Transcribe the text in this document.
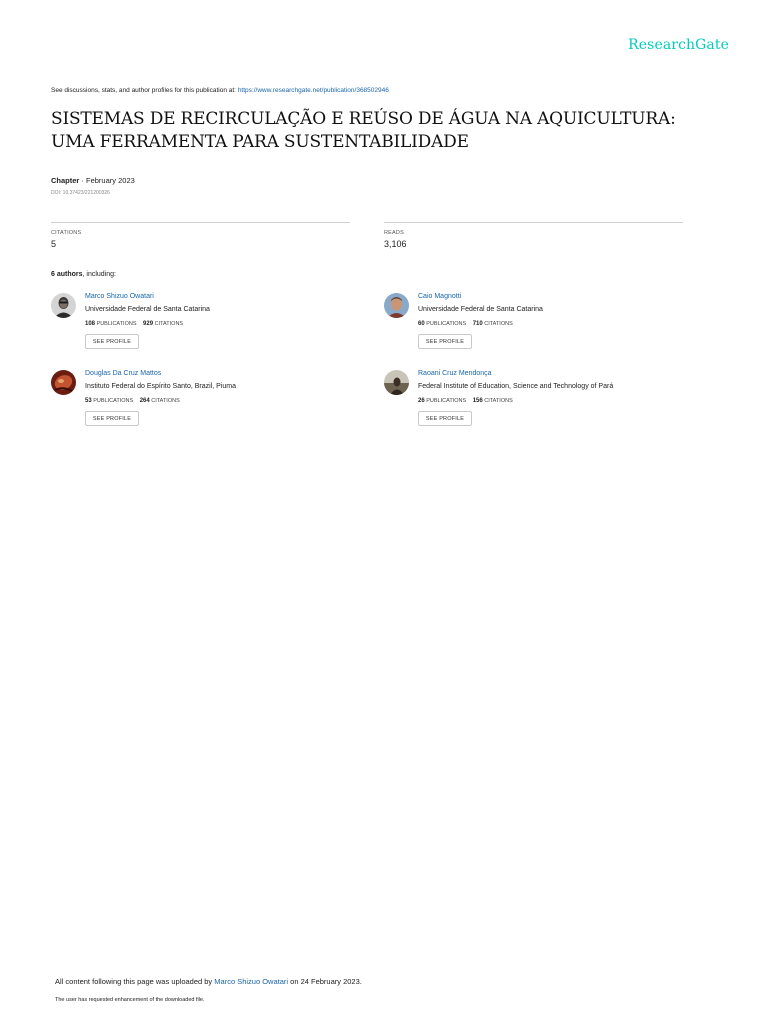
ResearchGate
See discussions, stats, and author profiles for this publication at: https://www.researchgate.net/publication/368502946
SISTEMAS DE RECIRCULAÇÃO E REÚSO DE ÁGUA NA AQUICULTURA: UMA FERRAMENTA PARA SUSTENTABILIDADE
Chapter · February 2023
DOI: 10.37423/221200326
CITATIONS
5
READS
3,106
6 authors, including:
Marco Shizuo Owatari
Universidade Federal de Santa Catarina
108 PUBLICATIONS 929 CITATIONS
SEE PROFILE
Caio Magnotti
Universidade Federal de Santa Catarina
60 PUBLICATIONS 710 CITATIONS
SEE PROFILE
Douglas Da Cruz Mattos
Instituto Federal do Espírito Santo, Brazil, Piuma
53 PUBLICATIONS 264 CITATIONS
SEE PROFILE
Raoani Cruz Mendonça
Federal Institute of Education, Science and Technology of Pará
26 PUBLICATIONS 156 CITATIONS
SEE PROFILE
All content following this page was uploaded by Marco Shizuo Owatari on 24 February 2023.
The user has requested enhancement of the downloaded file.
